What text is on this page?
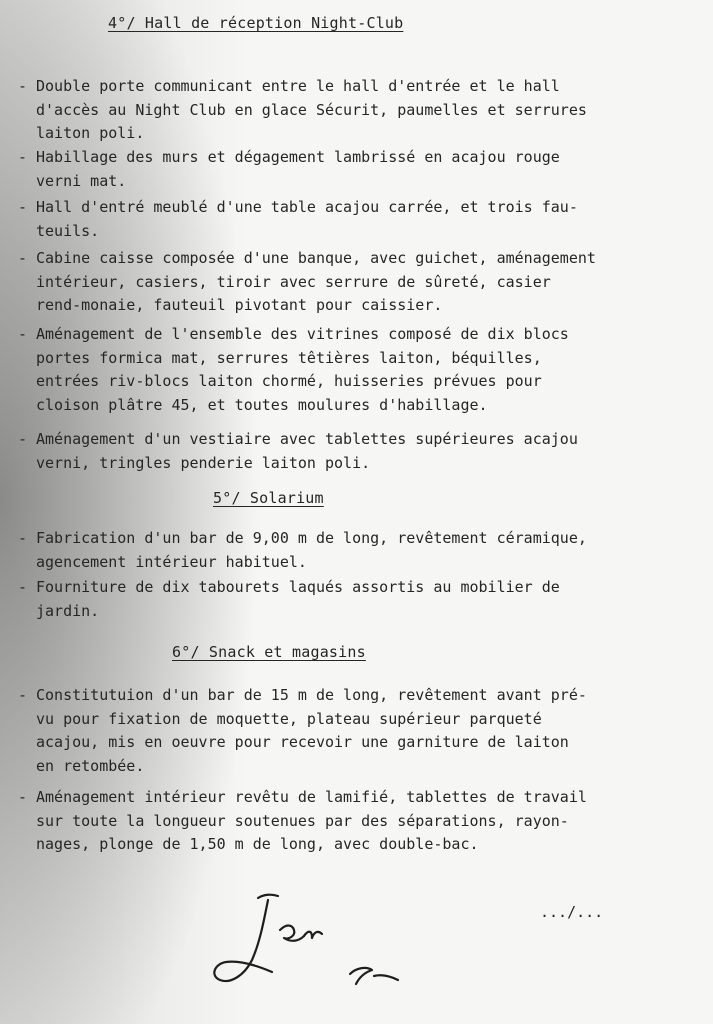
4°/ Hall de réception Night-Club
- Double porte communicant entre le hall d'entrée et le hall
d'accès au Night Club en glace Sécurit, paumelles et serrures
laiton poli.
- Habillage des murs et dégagement lambrissé en acajou rouge
verni mat.
- Hall d'entré meublé d'une table acajou carrée, et trois fau-
teuils.
- Cabine caisse composée d'une banque, avec guichet, aménagement
intérieur, casiers, tiroir avec serrure de sûreté, casier
rend-monaie, fauteuil pivotant pour caissier.
- Aménagement de l'ensemble des vitrines composé de dix blocs
portes formica mat, serrures têtières laiton, béquilles,
entrées riv-blocs laiton chormé, huisseries prévues pour
cloison plâtre 45, et toutes moulures d'habillage.
- Aménagement d'un vestiaire avec tablettes supérieures acajou
verni, tringles penderie laiton poli.
5°/ Solarium
- Fabrication d'un bar de 9,00 m de long, revêtement céramique,
agencement intérieur habituel.
- Fourniture de dix tabourets laqués assortis au mobilier de
jardin.
6°/ Snack et magasins
- Constitutuion d'un bar de 15 m de long, revêtement avant pré-
vu pour fixation de moquette, plateau supérieur parqueté
acajou, mis en oeuvre pour recevoir une garniture de laiton
en retombée.
- Aménagement intérieur revêtu de lamifié, tablettes de travail
sur toute la longueur soutenues par des séparations, rayon-
nages, plonge de 1,50 m de long, avec double-bac.
.../...
